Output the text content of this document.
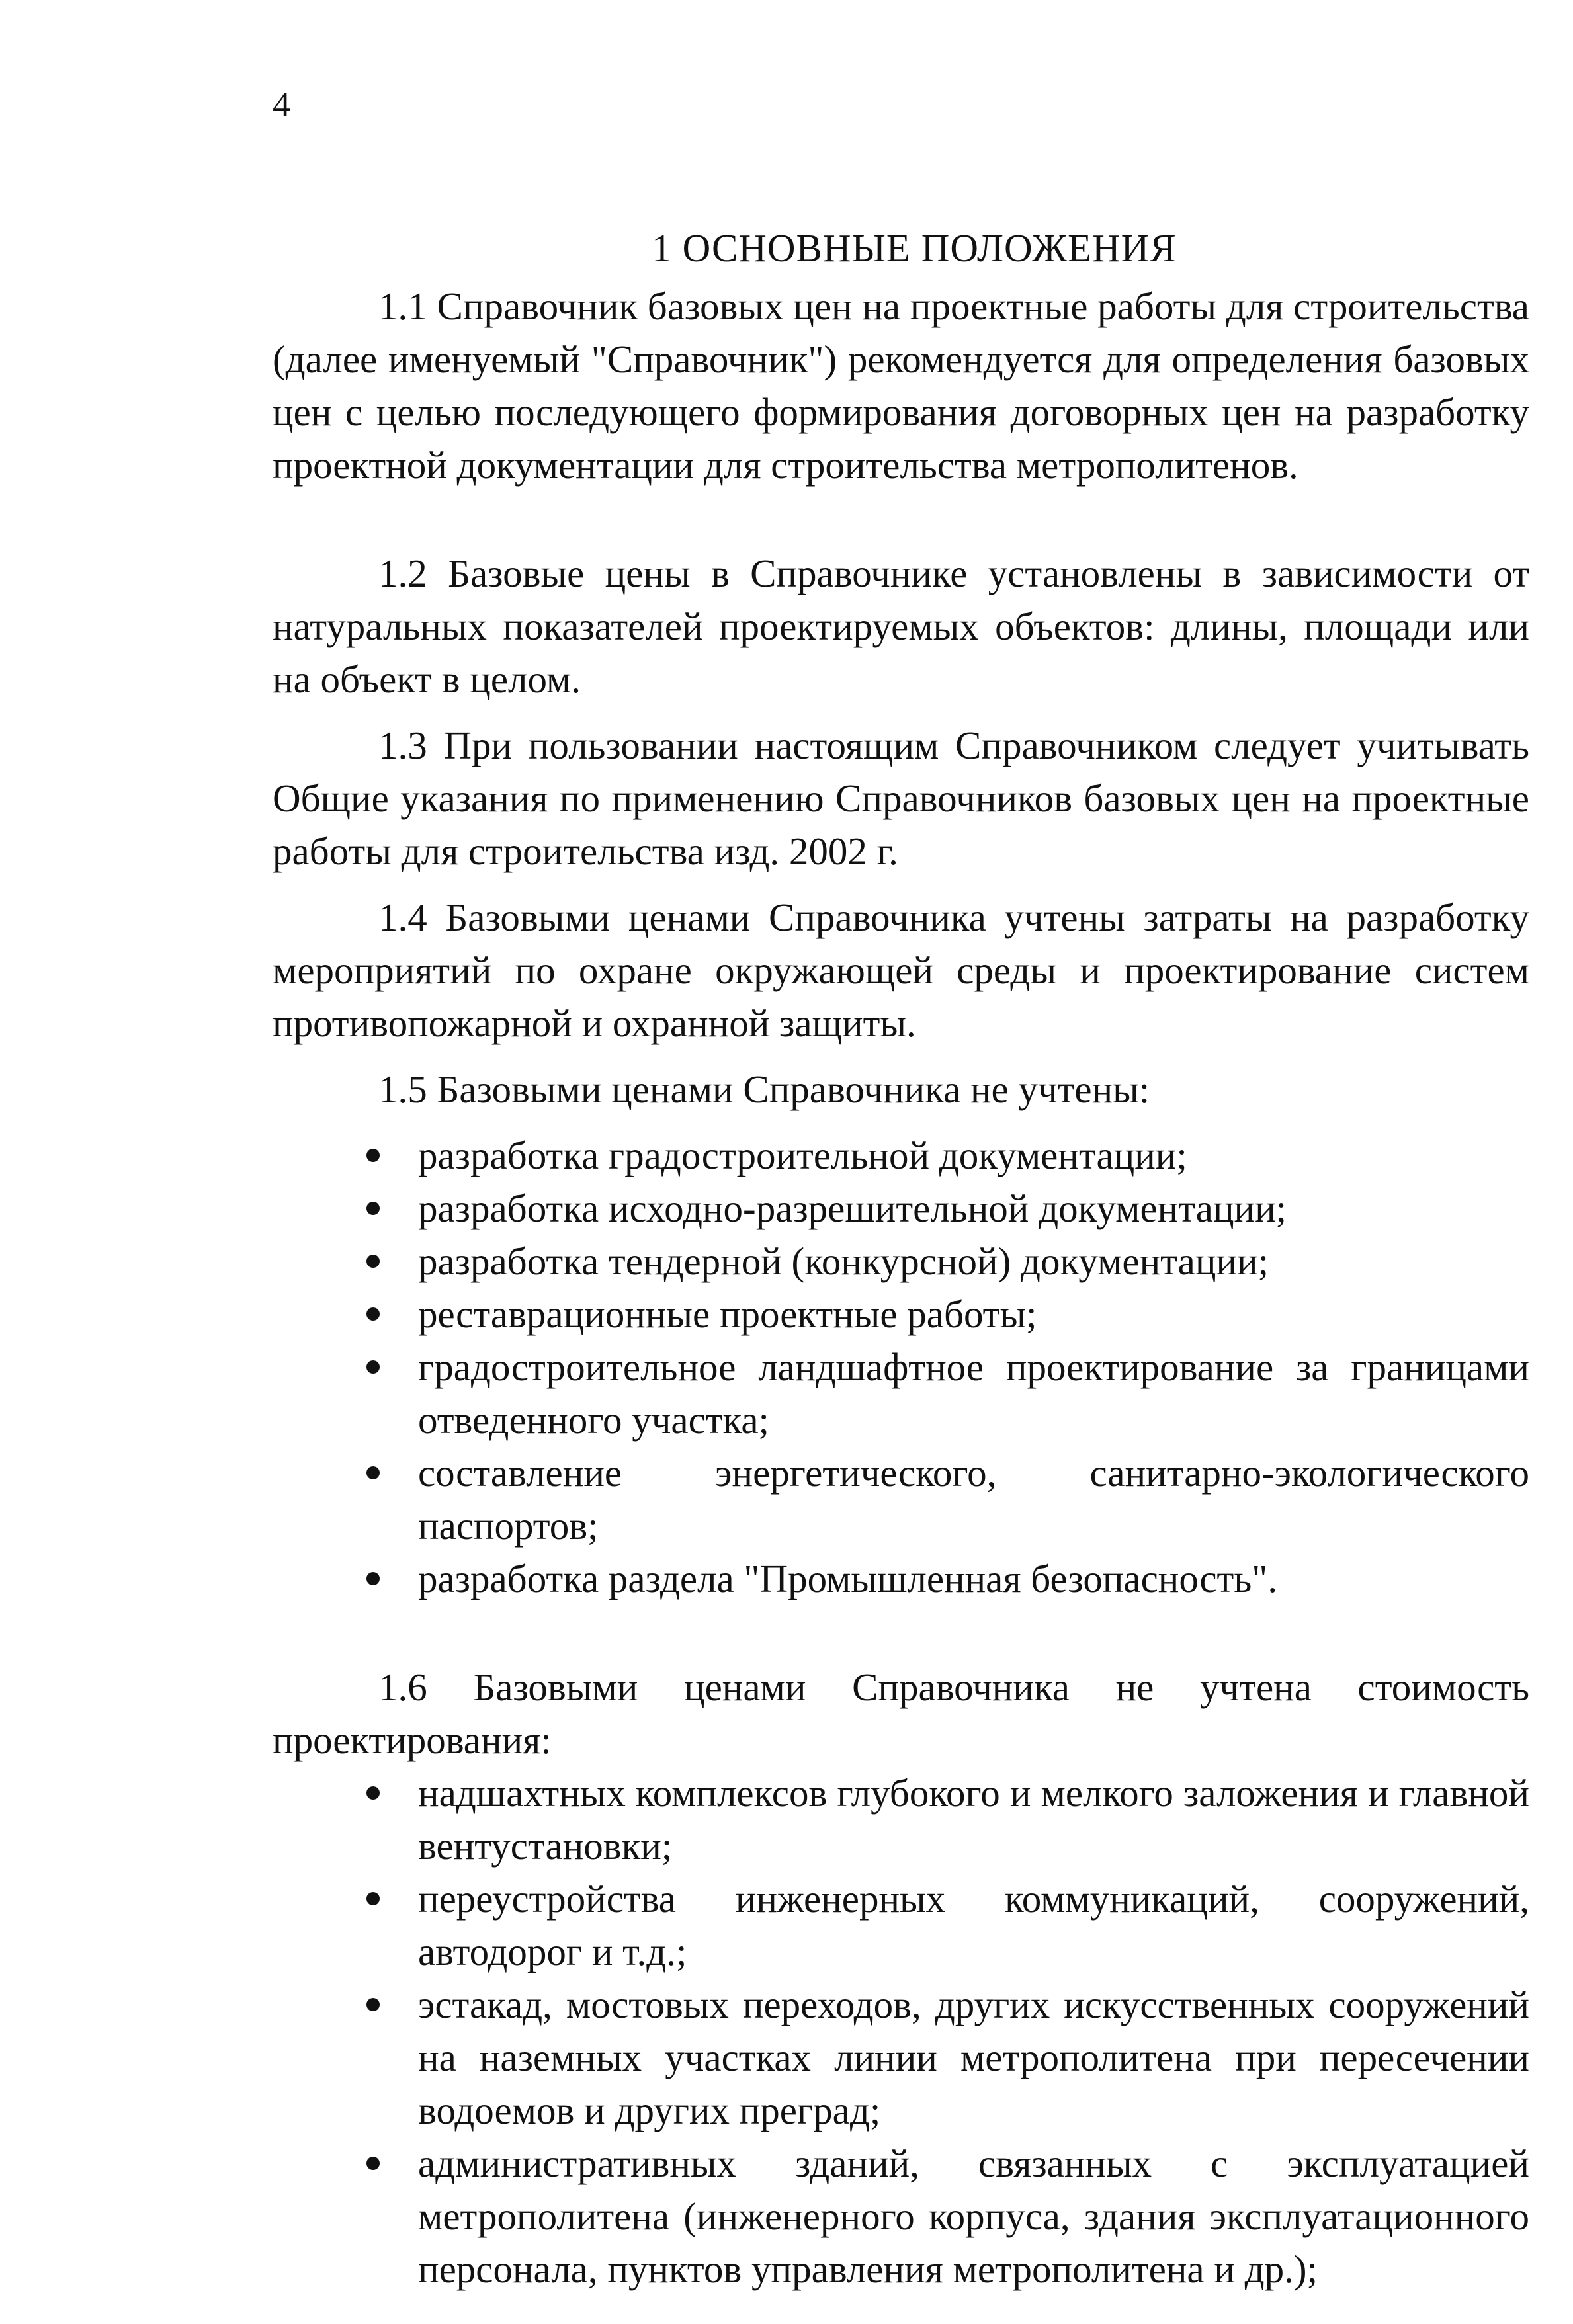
4
1 ОСНОВНЫЕ ПОЛОЖЕНИЯ

1.1 Справочник базовых цен на проектные работы для строительства (далее именуемый "Справочник") рекомендуется для определения базовых цен с целью последующего формирования договорных цен на разработку проектной документации для строительства метрополитенов.

1.2 Базовые цены в Справочнике установлены в зависимости от натуральных показателей проектируемых объектов: длины, площади или на объект в целом.

1.3 При пользовании настоящим Справочником следует учитывать Общие указания по применению Справочников базовых цен на проектные работы для строительства изд. 2002 г.

1.4 Базовыми ценами Справочника учтены затраты на разработку мероприятий по охране окружающей среды и проектирование систем противопожарной и охранной защиты.

1.5 Базовыми ценами Справочника не учтены:

разработка градостроительной документации;
разработка исходно-разрешительной документации;
разработка тендерной (конкурсной) документации;
реставрационные проектные работы;
градостроительное ландшафтное проектирование за границами отведенного участка;
составление энергетического, санитарно-экологического паспортов;
разработка раздела "Промышленная безопасность".

1.6 Базовыми ценами Справочника не учтена стоимость проектирования:

надшахтных комплексов глубокого и мелкого заложения и главной вентустановки;
переустройства инженерных коммуникаций, сооружений, автодорог и т.д.;
эстакад, мостовых переходов, других искусственных сооружений на наземных участках линии метрополитена при пересечении водоемов и других преград;
административных зданий, связанных с эксплуатацией метрополитена (инженерного корпуса, здания эксплуатационного персонала, пунктов управления метрополитена и др.);
